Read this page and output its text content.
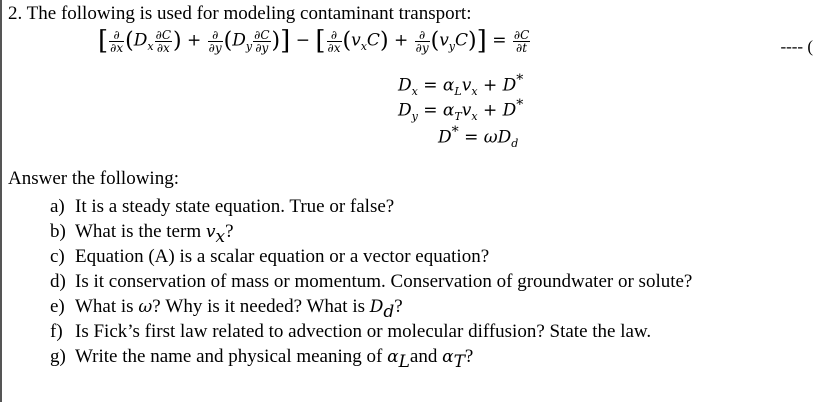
2. The following is used for modeling contaminant transport:
[ $\frac{\partial}{\partial x} (D_x \frac{\partial C}{\partial x}$ ) + $\frac{\partial}{\partial y} (D_y \frac{\partial C}{\partial y}$ )] − [ $\frac{\partial}{\partial x} (v_xC) + \frac{\partial}{\partial y} (v_yC)] = \frac{\partial C}{\partial t}$	---- (
$D_x = \alpha_Lv_x + D^*$
$D_y = \alpha_Tv_x + D^*$
$D^* = \omega D_d$
Answer the following:
a) It is a steady state equation. True or false?
b) What is the term $v_x$?
c) Equation (A) is a scalar equation or a vector equation?
d) Is it conservation of mass or momentum. Conservation of groundwater or solute?
e) What is ω? Why is it needed? What is $D_d$?
f) Is Fick’s first law related to advection or molecular diffusion? State the law.
g) Write the name and physical meaning of $\alpha_Land$ $\alpha_T$?
